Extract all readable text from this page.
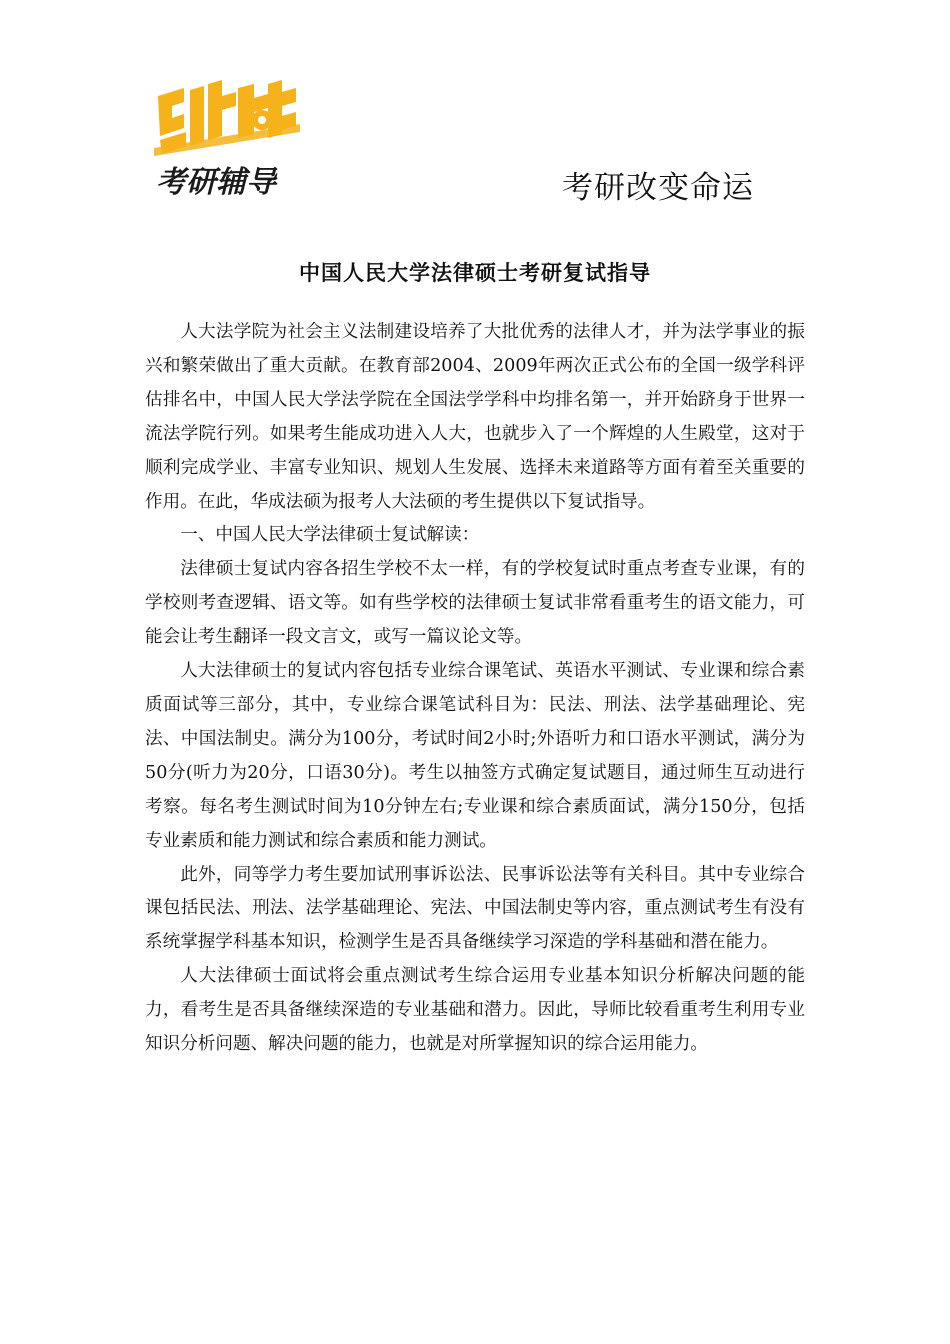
考研辅导	考研改变命运
中国人民大学法律硕士考研复试指导

人大法学院为社会主义法制建设培养了大批优秀的法律人才，并为法学事业的振兴和繁荣做出了重大贡献。在教育部2004、2009年两次正式公布的全国一级学科评估排名中，中国人民大学法学院在全国法学学科中均排名第一，并开始跻身于世界一流法学院行列。如果考生能成功进入人大，也就步入了一个辉煌的人生殿堂，这对于顺利完成学业、丰富专业知识、规划人生发展、选择未来道路等方面有着至关重要的作用。在此，华成法硕为报考人大法硕的考生提供以下复试指导。

一、中国人民大学法律硕士复试解读：

法律硕士复试内容各招生学校不太一样，有的学校复试时重点考查专业课，有的学校则考查逻辑、语文等。如有些学校的法律硕士复试非常看重考生的语文能力，可能会让考生翻译一段文言文，或写一篇议论文等。

人大法律硕士的复试内容包括专业综合课笔试、英语水平测试、专业课和综合素质面试等三部分，其中，专业综合课笔试科目为：民法、刑法、法学基础理论、宪法、中国法制史。满分为100分，考试时间2小时;外语听力和口语水平测试，满分为50分(听力为20分，口语30分)。考生以抽签方式确定复试题目，通过师生互动进行考察。每名考生测试时间为10分钟左右;专业课和综合素质面试，满分150分，包括专业素质和能力测试和综合素质和能力测试。

此外，同等学力考生要加试刑事诉讼法、民事诉讼法等有关科目。其中专业综合课包括民法、刑法、法学基础理论、宪法、中国法制史等内容，重点测试考生有没有系统掌握学科基本知识，检测学生是否具备继续学习深造的学科基础和潜在能力。

人大法律硕士面试将会重点测试考生综合运用专业基本知识分析解决问题的能力，看考生是否具备继续深造的专业基础和潜力。因此，导师比较看重考生利用专业知识分析问题、解决问题的能力，也就是对所掌握知识的综合运用能力。
